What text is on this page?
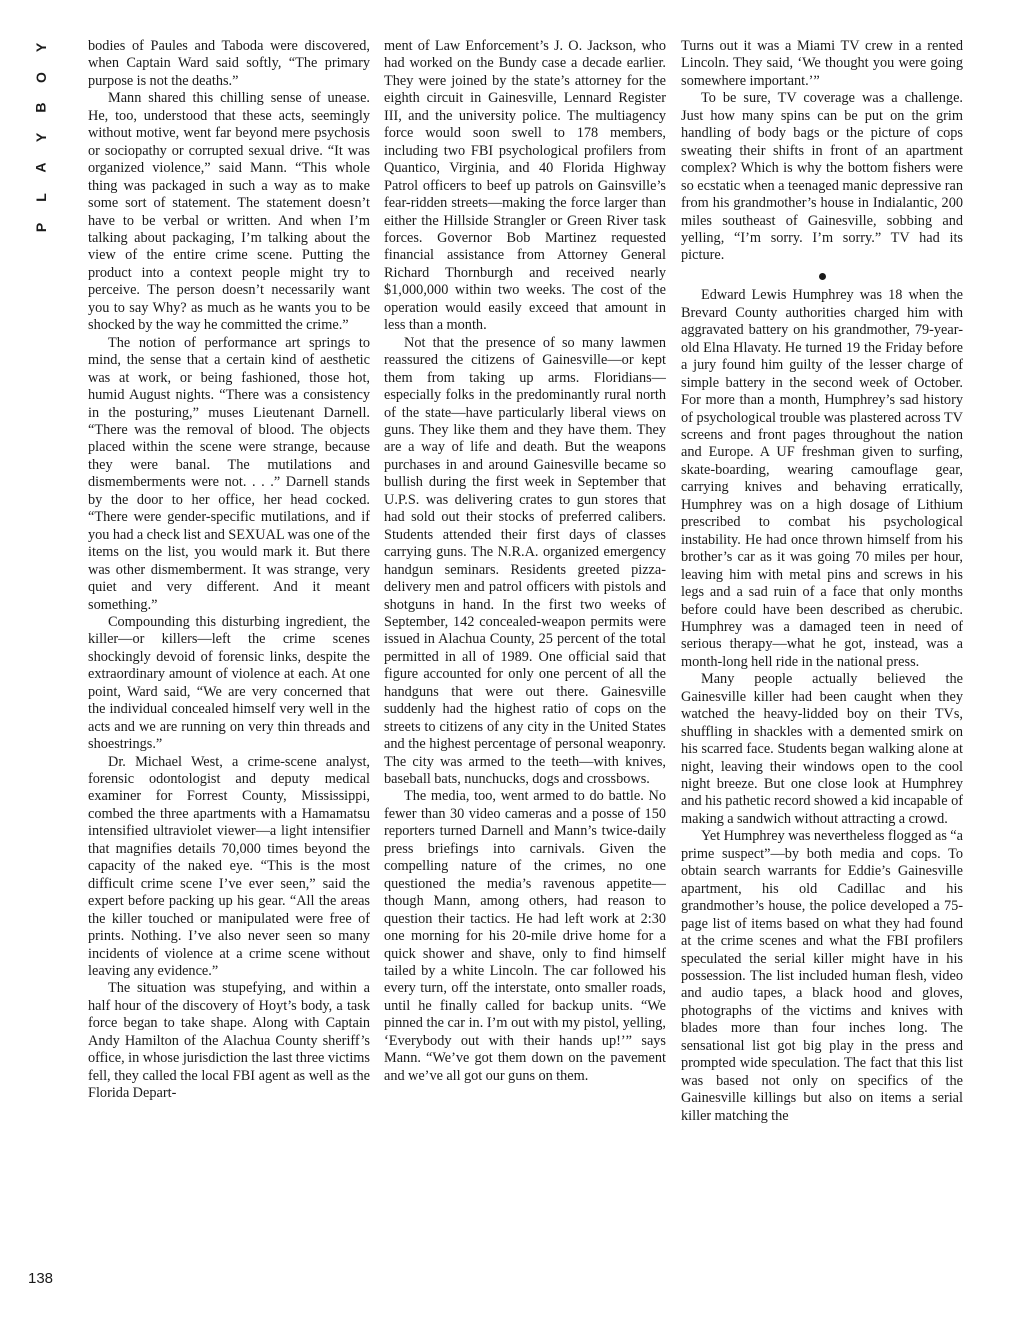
Y
O
B
Y
A
L
P
138

bodies of Paules and Taboda were discovered, when Captain Ward said softly, “The primary purpose is not the deaths.”

Mann shared this chilling sense of unease. He, too, understood that these acts, seemingly without motive, went far beyond mere psychosis or sociopathy or corrupted sexual drive. “It was organized violence,” said Mann. “This whole thing was packaged in such a way as to make some sort of statement. The statement doesn’t have to be verbal or written. And when I’m talking about packaging, I’m talking about the view of the entire crime scene. Putting the product into a context people might try to perceive. The person doesn’t necessarily want you to say Why? as much as he wants you to be shocked by the way he committed the crime.”

The notion of performance art springs to mind, the sense that a certain kind of aesthetic was at work, or being fashioned, those hot, humid August nights. “There was a consistency in the posturing,” muses Lieutenant Darnell. “There was the removal of blood. The objects placed within the scene were strange, because they were banal. The mutilations and dismemberments were not. . . .” Darnell stands by the door to her office, her head cocked. “There were gender-specific mutilations, and if you had a check list and SEXUAL was one of the items on the list, you would mark it. But there was other dismemberment. It was strange, very quiet and very different. And it meant something.”

Compounding this disturbing ingredient, the killer—or killers—left the crime scenes shockingly devoid of forensic links, despite the extraordinary amount of violence at each. At one point, Ward said, “We are very concerned that the individual concealed himself very well in the acts and we are running on very thin threads and shoestrings.”

Dr. Michael West, a crime-scene analyst, forensic odontologist and deputy medical examiner for Forrest County, Mississippi, combed the three apartments with a Hamamatsu intensified ultraviolet viewer—a light intensifier that magnifies details 70,000 times beyond the capacity of the naked eye. “This is the most difficult crime scene I’ve ever seen,” said the expert before packing up his gear. “All the areas the killer touched or manipulated were free of prints. Nothing. I’ve also never seen so many incidents of violence at a crime scene without leaving any evidence.”

The situation was stupefying, and within a half hour of the discovery of Hoyt’s body, a task force began to take shape. Along with Captain Andy Hamilton of the Alachua County sheriff’s office, in whose jurisdiction the last three victims fell, they called the local FBI agent as well as the Florida Depart-

ment of Law Enforcement’s J. O. Jackson, who had worked on the Bundy case a decade earlier. They were joined by the state’s attorney for the eighth circuit in Gainesville, Lennard Register III, and the university police. The multiagency force would soon swell to 178 members, including two FBI psychological profilers from Quantico, Virginia, and 40 Florida Highway Patrol officers to beef up patrols on Gainsville’s fear-ridden streets—making the force larger than either the Hillside Strangler or Green River task forces. Governor Bob Martinez requested financial assistance from Attorney General Richard Thornburgh and received nearly $1,000,000 within two weeks. The cost of the operation would easily exceed that amount in less than a month.

Not that the presence of so many lawmen reassured the citizens of Gainesville—or kept them from taking up arms. Floridians—especially folks in the predominantly rural north of the state—have particularly liberal views on guns. They like them and they have them. They are a way of life and death. But the weapons purchases in and around Gainesville became so bullish during the first week in September that U.P.S. was delivering crates to gun stores that had sold out their stocks of preferred calibers. Students attended their first days of classes carrying guns. The N.R.A. organized emergency handgun seminars. Residents greeted pizza-delivery men and patrol officers with pistols and shotguns in hand. In the first two weeks of September, 142 concealed-weapon permits were issued in Alachua County, 25 percent of the total permitted in all of 1989. One official said that figure accounted for only one percent of all the handguns that were out there. Gainesville suddenly had the highest ratio of cops on the streets to citizens of any city in the United States and the highest percentage of personal weaponry. The city was armed to the teeth—with knives, baseball bats, nunchucks, dogs and crossbows.

The media, too, went armed to do battle. No fewer than 30 video cameras and a posse of 150 reporters turned Darnell and Mann’s twice-daily press briefings into carnivals. Given the compelling nature of the crimes, no one questioned the media’s ravenous appetite—though Mann, among others, had reason to question their tactics. He had left work at 2:30 one morning for his 20-mile drive home for a quick shower and shave, only to find himself tailed by a white Lincoln. The car followed his every turn, off the interstate, onto smaller roads, until he finally called for backup units. “We pinned the car in. I’m out with my pistol, yelling, ‘Everybody out with their hands up!’” says Mann. “We’ve got them down on the pavement and we’ve all got our guns on them.

Turns out it was a Miami TV crew in a rented Lincoln. They said, ‘We thought you were going somewhere important.’”

To be sure, TV coverage was a challenge. Just how many spins can be put on the grim handling of body bags or the picture of cops sweating their shifts in front of an apartment complex? Which is why the bottom fishers were so ecstatic when a teenaged manic depressive ran from his grandmother’s house in Indialantic, 200 miles southeast of Gainesville, sobbing and yelling, “I’m sorry. I’m sorry.” TV had its picture.

Edward Lewis Humphrey was 18 when the Brevard County authorities charged him with aggravated battery on his grandmother, 79-year-old Elna Hlavaty. He turned 19 the Friday before a jury found him guilty of the lesser charge of simple battery in the second week of October. For more than a month, Humphrey’s sad history of psychological trouble was plastered across TV screens and front pages throughout the nation and Europe. A UF freshman given to surfing, skate-boarding, wearing camouflage gear, carrying knives and behaving erratically, Humphrey was on a high dosage of Lithium prescribed to combat his psychological instability. He had once thrown himself from his brother’s car as it was going 70 miles per hour, leaving him with metal pins and screws in his legs and a sad ruin of a face that only months before could have been described as cherubic. Humphrey was a damaged teen in need of serious therapy—what he got, instead, was a month-long hell ride in the national press.

Many people actually believed the Gainesville killer had been caught when they watched the heavy-lidded boy on their TVs, shuffling in shackles with a demented smirk on his scarred face. Students began walking alone at night, leaving their windows open to the cool night breeze. But one close look at Humphrey and his pathetic record showed a kid incapable of making a sandwich without attracting a crowd.

Yet Humphrey was nevertheless flogged as “a prime suspect”—by both media and cops. To obtain search warrants for Eddie’s Gainesville apartment, his old Cadillac and his grandmother’s house, the police developed a 75-page list of items based on what they had found at the crime scenes and what the FBI profilers speculated the serial killer might have in his possession. The list included human flesh, video and audio tapes, a black hood and gloves, photographs of the victims and knives with blades more than four inches long. The sensational list got big play in the press and prompted wide speculation. The fact that this list was based not only on specifics of the Gainesville killings but also on items a serial killer matching the
